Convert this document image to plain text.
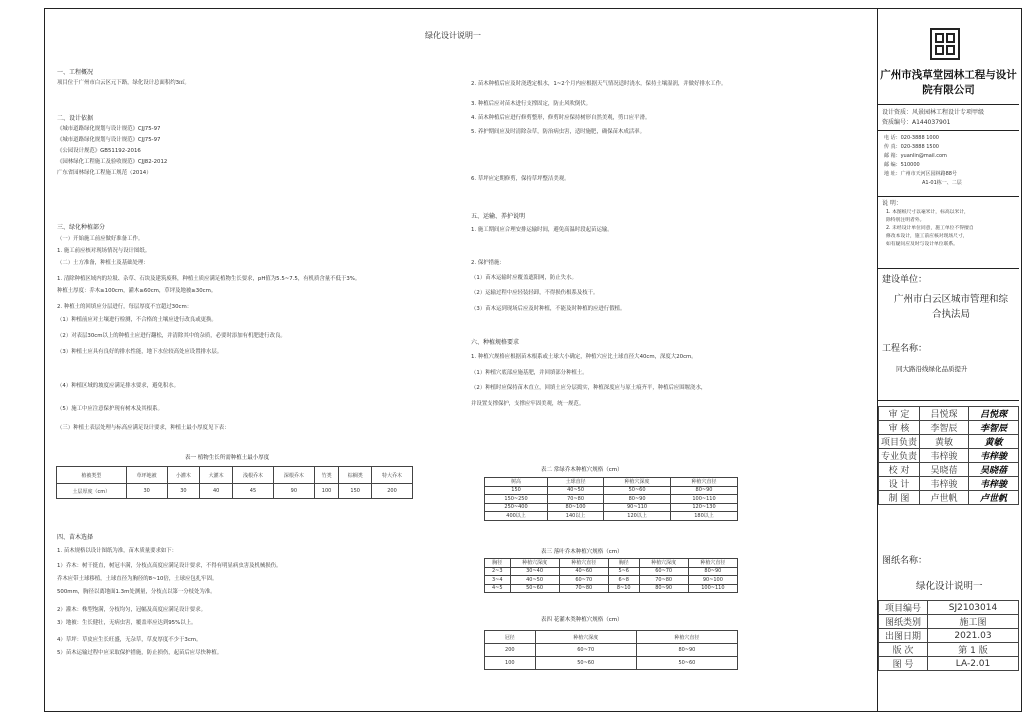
绿化设计说明一
一、工程概况
项目位于广州市白云区元下路，绿化设计总面积约3㎡。
二、设计依据
《城市道路绿化规划与设计规范》CJJ75-97
《城市道路绿化规划与设计规范》CJJ75-97
《公园设计规范》GB51192-2016
《园林绿化工程施工及验收规范》CJJ82-2012
广东省园林绿化工程施工规范（2014）
三、绿化种植部分
（一）开始施工前应做好准备工作。
1. 施工前应核对现场情况与设计图纸。
（二）土方准备，种植土及基础处理：
1. 清除种植区域内的垃圾、杂草、石块及建筑废料，种植土质应满足植物生长要求，pH值为5.5~7.5，有机质含量不低于3%。
种植土厚度：乔木≥100cm，灌木≥60cm，草坪及地被≥30cm。
2. 种植土的回填应分层进行，每层厚度不宜超过30cm：
（1）种植前应对土壤进行检测，不合格的土壤应进行改良或更换。
（2）对表层30cm以上的种植土应进行翻松，并清除其中的杂质，必要时添加有机肥进行改良。
（3）种植土应具有良好的排水性能，地下水位较高处应设置排水层。
（4）种植区域的坡度应满足排水要求，避免积水。
（5）施工中应注意保护现有树木及其根系。
（三）种植土表层处理与标高应满足设计要求，种植土最小厚度见下表：
表一 植物生长所需种植土最小厚度
植被类型	草坪地被	小灌木	大灌木	浅根乔木	深根乔木	竹类	棕榈类	特大乔木
土层厚度（cm）	30	30	40	45	90	100	150	200
四、苗木选择
1. 苗木规格以设计图纸为准，苗木质量要求如下：
1）乔木：树干挺直，树冠丰满，分枝点高度应满足设计要求，不得有明显病虫害及机械损伤。
乔木应带土球移植，土球直径为胸径的8~10倍，土球应包扎牢固。
500mm，胸径以离地面1.3m处测量，分枝点以第一分枝处为准。
2）灌木：株型饱满，分枝均匀，冠幅及高度应满足设计要求。
3）地被：生长健壮，无病虫害，覆盖率应达到95%以上。
4）草坪：草皮应生长旺盛，无杂草，草皮厚度不少于3cm。
5）苗木运输过程中应采取保护措施，防止损伤，起苗后应尽快种植。
2. 苗木种植后应及时浇透定根水，1~2个月内应根据天气情况适时浇水，保持土壤湿润，并做好排水工作。
3. 种植后应对苗木进行支撑固定，防止风吹倒伏。
4. 苗木种植后应进行修剪整形，修剪时应保持树形自然美观，剪口应平滑。
5. 养护期间应及时清除杂草，防治病虫害，适时施肥，确保苗木成活率。
6. 草坪应定期修剪，保持草坪整洁美观。
五、运输、养护说明
1. 施工期间应合理安排运输时间，避免高温时段起苗运输。
2. 保护措施：
（1）苗木运输时应覆盖遮阳网，防止失水。
（2）运输过程中应轻装轻卸，不得损伤根系及枝干。
（3）苗木运到现场后应及时种植，不能及时种植的应进行假植。
六、种植规格要求
1. 种植穴规格应根据苗木根系或土球大小确定，种植穴应比土球直径大40cm，深度大20cm。
（1）种植穴底部应施基肥，并回填部分种植土。
（2）种植时应保持苗木直立，回填土应分层捣实，种植深度应与原土痕齐平，种植后应围堰浇水，
并设置支撑保护，支撑应牢固美观，统一规范。
表二 常绿乔木种植穴规格（cm）
树高	土球直径	种植穴深度	种植穴直径
150	40~50	50~60	80~90
150~250	70~80	80~90	100~110
250~400	80~100	90~110	120~130
400以上	140以上	120以上	180以上
表三 落叶乔木种植穴规格（cm）
胸径	种植穴深度	种植穴直径	胸径	种植穴深度	种植穴直径
2~3	30~40	40~60	5~6	60~70	80~90
3~4	40~50	60~70	6~8	70~80	90~100
4~5	50~60	70~80	8~10	80~90	100~110
表四 花灌木类种植穴规格（cm）
冠径	种植穴深度	种植穴直径
200	60~70	80~90
100	50~60	50~60
广州市浅草堂园林工程与设计院有限公司
设计资质：风景园林工程设计专项甲级
资质编号：A144037901
电 话：020-3888 1000
传 真：020-3888 1500
邮 箱：yuanlin@mail.com
邮 编：510000
地 址：广州市天河区园林路88号
A1-01栋一、二层
说 明：
1. 本图纸尺寸以毫米计，标高以米计，
除特别注明者外。
2. 未经设计单位同意，施工单位不得擅自
修改本设计，施工前应核对现场尺寸，
如有疑问应及时与设计单位联系。
建设单位：
广州市白云区城市管理和综合执法局
工程名称：
同大路沿线绿化品质提升
审 定	吕悦琛	吕悦琛
审 核	李智辰	李智辰
项目负责	黄敏	黄敏
专业负责	韦梓骏	韦梓骏
校 对	吴晓蓓	吴晓蓓
设 计	韦梓骏	韦梓骏
制 图	卢世帆	卢世帆
图纸名称：
绿化设计说明一
项目编号	SJ2103014
图纸类别	施工图
出图日期	2021.03
版 次	第 1 版
图 号	LA-2.01
